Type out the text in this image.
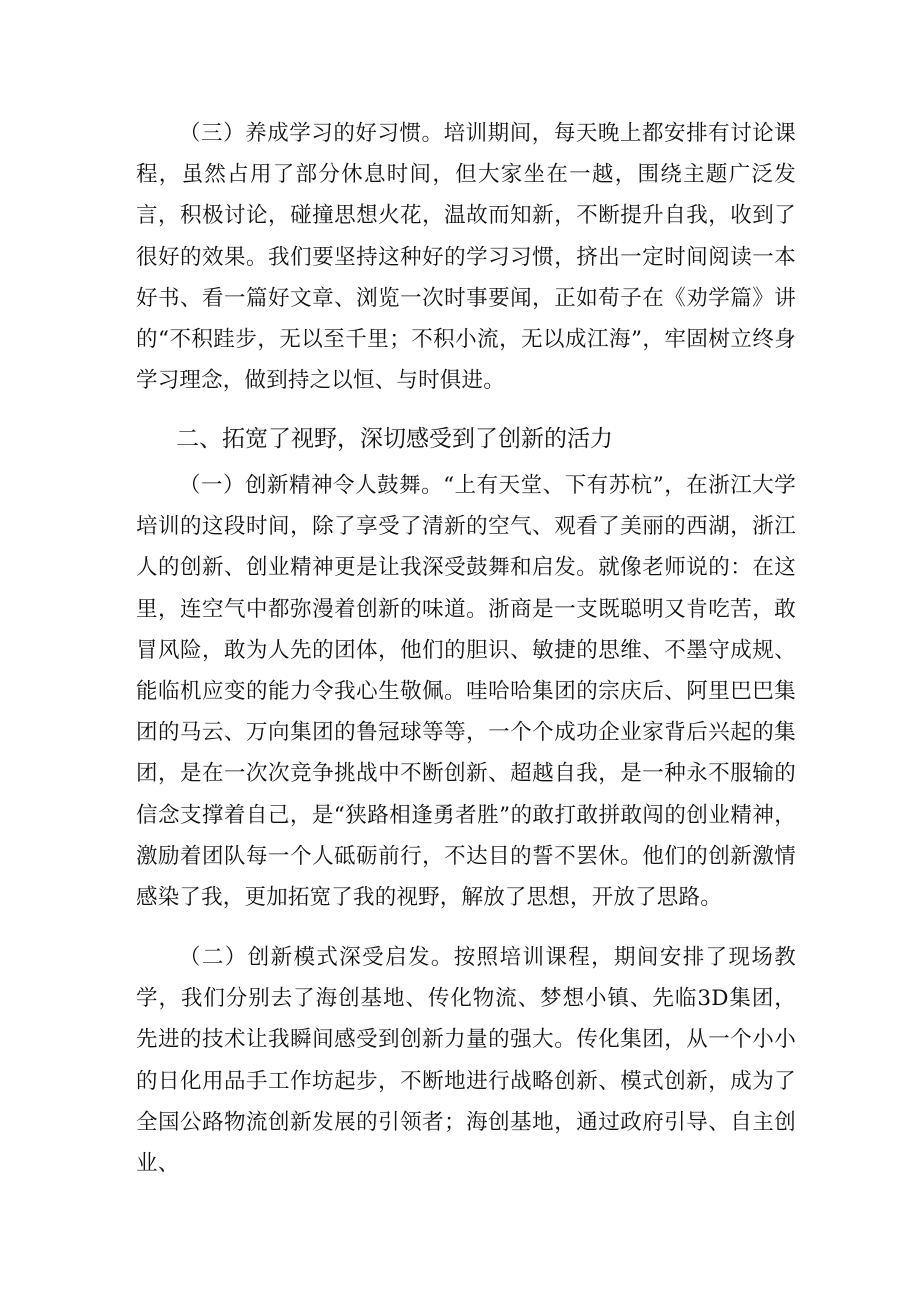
（三）养成学习的好习惯。培训期间，每天晚上都安排有讨论课程，虽然占用了部分休息时间，但大家坐在一越，围绕主题广泛发言，积极讨论，碰撞思想火花，温故而知新，不断提升自我，收到了很好的效果。我们要坚持这种好的学习习惯，挤出一定时间阅读一本好书、看一篇好文章、浏览一次时事要闻，正如荀子在《劝学篇》讲的“不积跬步，无以至千里；不积小流，无以成江海”，牢固树立终身学习理念，做到持之以恒、与时俱进。

二、拓宽了视野，深切感受到了创新的活力

（一）创新精神令人鼓舞。“上有天堂、下有苏杭”，在浙江大学培训的这段时间，除了享受了清新的空气、观看了美丽的西湖，浙江人的创新、创业精神更是让我深受鼓舞和启发。就像老师说的：在这里，连空气中都弥漫着创新的味道。浙商是一支既聪明又肯吃苦，敢冒风险，敢为人先的团体，他们的胆识、敏捷的思维、不墨守成规、能临机应变的能力令我心生敬佩。哇哈哈集团的宗庆后、阿里巴巴集团的马云、万向集团的鲁冠球等等，一个个成功企业家背后兴起的集团，是在一次次竞争挑战中不断创新、超越自我，是一种永不服输的信念支撑着自己，是“狭路相逢勇者胜”的敢打敢拼敢闯的创业精神，激励着团队每一个人砥砺前行，不达目的誓不罢休。他们的创新激情感染了我，更加拓宽了我的视野，解放了思想，开放了思路。

（二）创新模式深受启发。按照培训课程，期间安排了现场教学，我们分别去了海创基地、传化物流、梦想小镇、先临3D集团，先进的技术让我瞬间感受到创新力量的强大。传化集团，从一个小小的日化用品手工作坊起步，不断地进行战略创新、模式创新，成为了全国公路物流创新发展的引领者；海创基地，通过政府引导、自主创业、
